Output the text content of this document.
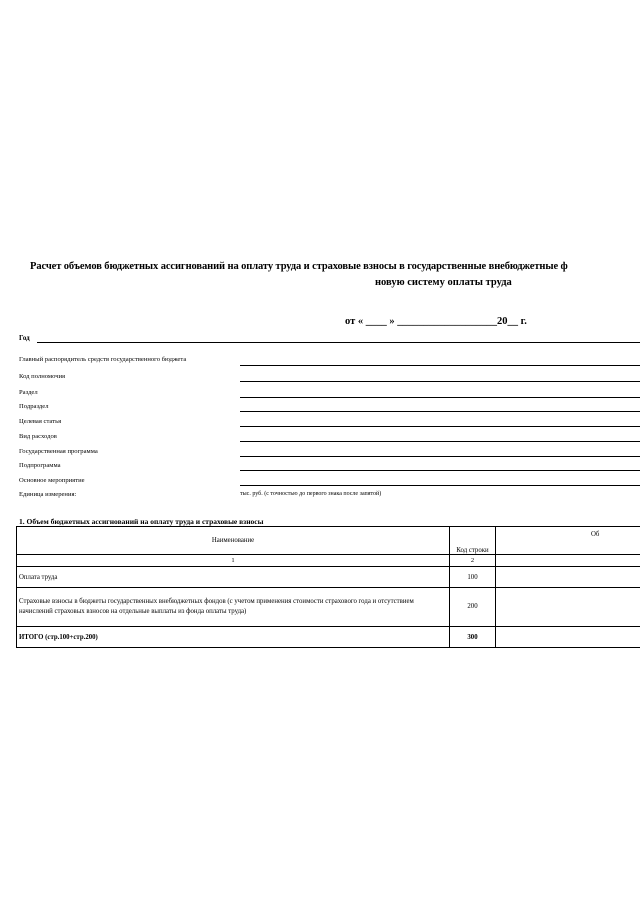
Расчет объемов бюджетных ассигнований на оплату труда и страховые взносы в государственные внебюджетные ф
новую систему оплаты труда
от « ____ » ___________________20__ г.
Год
Главный распорядитель средств государственного бюджета
Код полномочия
Раздел
Подраздел
Целевая статья
Вид расходов
Государственная программа
Подпрограмма
Основное мероприятие
Единица измерения:	тыс. руб. (с точностью до первого знака после запятой)
1. Объем бюджетных ассигнований на оплату труда и страховые взносы
Наименование	Код строки	Об
1	2	
Оплата труда	100	
Страховые взносы в бюджеты государственных внебюджетных фондов (с учетом применения стоимости страхового года и отсутствием начислений страховых взносов на отдельные выплаты из фонда оплаты труда)	200	
ИТОГО (стр.100+стр.200)	300	
